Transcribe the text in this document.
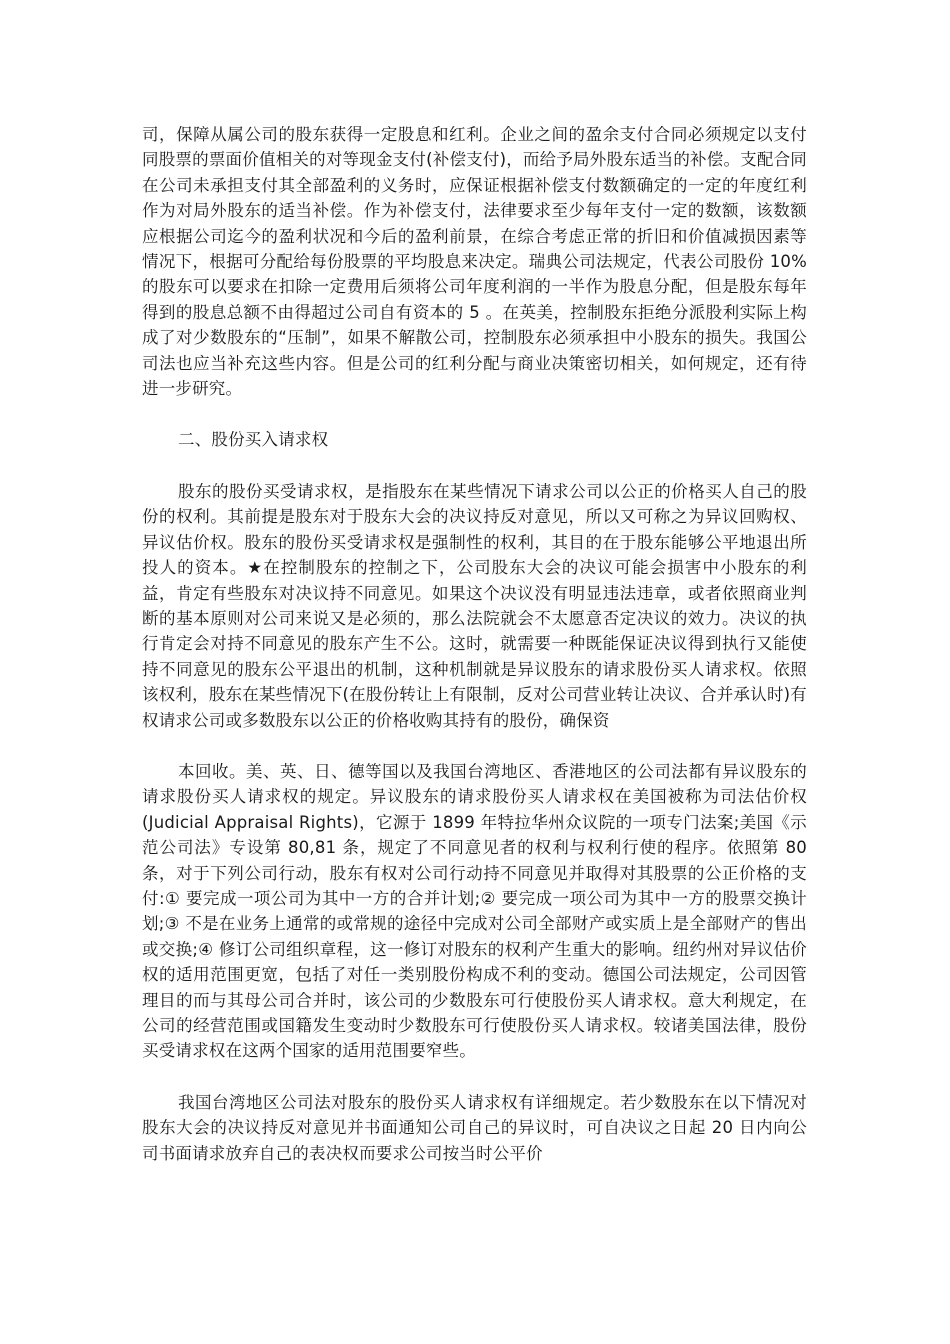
司，保障从属公司的股东获得一定股息和红利。企业之间的盈余支付合同必须规定以支付同股票的票面价值相关的对等现金支付(补偿支付)，而给予局外股东适当的补偿。支配合同在公司未承担支付其全部盈利的义务时，应保证根据补偿支付数额确定的一定的年度红利作为对局外股东的适当补偿。作为补偿支付，法律要求至少每年支付一定的数额，该数额应根据公司迄今的盈利状况和今后的盈利前景，在综合考虑正常的折旧和价值减损因素等情况下，根据可分配给每份股票的平均股息来决定。瑞典公司法规定，代表公司股份 10%的股东可以要求在扣除一定费用后须将公司年度利润的一半作为股息分配，但是股东每年得到的股息总额不由得超过公司自有资本的 5 。在英美，控制股东拒绝分派股利实际上构成了对少数股东的“压制”，如果不解散公司，控制股东必须承担中小股东的损失。我国公司法也应当补充这些内容。但是公司的红利分配与商业决策密切相关，如何规定，还有待进一步研究。

二、股份买入请求权

股东的股份买受请求权，是指股东在某些情况下请求公司以公正的价格买人自己的股份的权利。其前提是股东对于股东大会的决议持反对意见，所以又可称之为异议回购权、异议估价权。股东的股份买受请求权是强制性的权利，其目的在于股东能够公平地退出所投人的资本。★在控制股东的控制之下，公司股东大会的决议可能会损害中小股东的利益，肯定有些股东对决议持不同意见。如果这个决议没有明显违法违章，或者依照商业判断的基本原则对公司来说又是必须的，那么法院就会不太愿意否定决议的效力。决议的执行肯定会对持不同意见的股东产生不公。这时，就需要一种既能保证决议得到执行又能使持不同意见的股东公平退出的机制，这种机制就是异议股东的请求股份买人请求权。依照该权利，股东在某些情况下(在股份转让上有限制，反对公司营业转让决议、合并承认时)有权请求公司或多数股东以公正的价格收购其持有的股份，确保资

本回收。美、英、日、德等国以及我国台湾地区、香港地区的公司法都有异议股东的请求股份买人请求权的规定。异议股东的请求股份买人请求权在美国被称为司法估价权(Judicial Appraisal Rights)，它源于 1899 年特拉华州众议院的一项专门法案;美国《示范公司法》专设第 80,81 条，规定了不同意见者的权利与权利行使的程序。依照第 80 条，对于下列公司行动，股东有权对公司行动持不同意见并取得对其股票的公正价格的支付:① 要完成一项公司为其中一方的合并计划;② 要完成一项公司为其中一方的股票交换计划;③ 不是在业务上通常的或常规的途径中完成对公司全部财产或实质上是全部财产的售出或交换;④ 修订公司组织章程，这一修订对股东的权利产生重大的影响。纽约州对异议估价权的适用范围更宽，包括了对任一类别股份构成不利的变动。德国公司法规定，公司因管理目的而与其母公司合并时，该公司的少数股东可行使股份买人请求权。意大利规定，在公司的经营范围或国籍发生变动时少数股东可行使股份买人请求权。较诸美国法律，股份买受请求权在这两个国家的适用范围要窄些。

我国台湾地区公司法对股东的股份买人请求权有详细规定。若少数股东在以下情况对股东大会的决议持反对意见并书面通知公司自己的异议时，可自决议之日起 20 日内向公司书面请求放弃自己的表决权而要求公司按当时公平价
